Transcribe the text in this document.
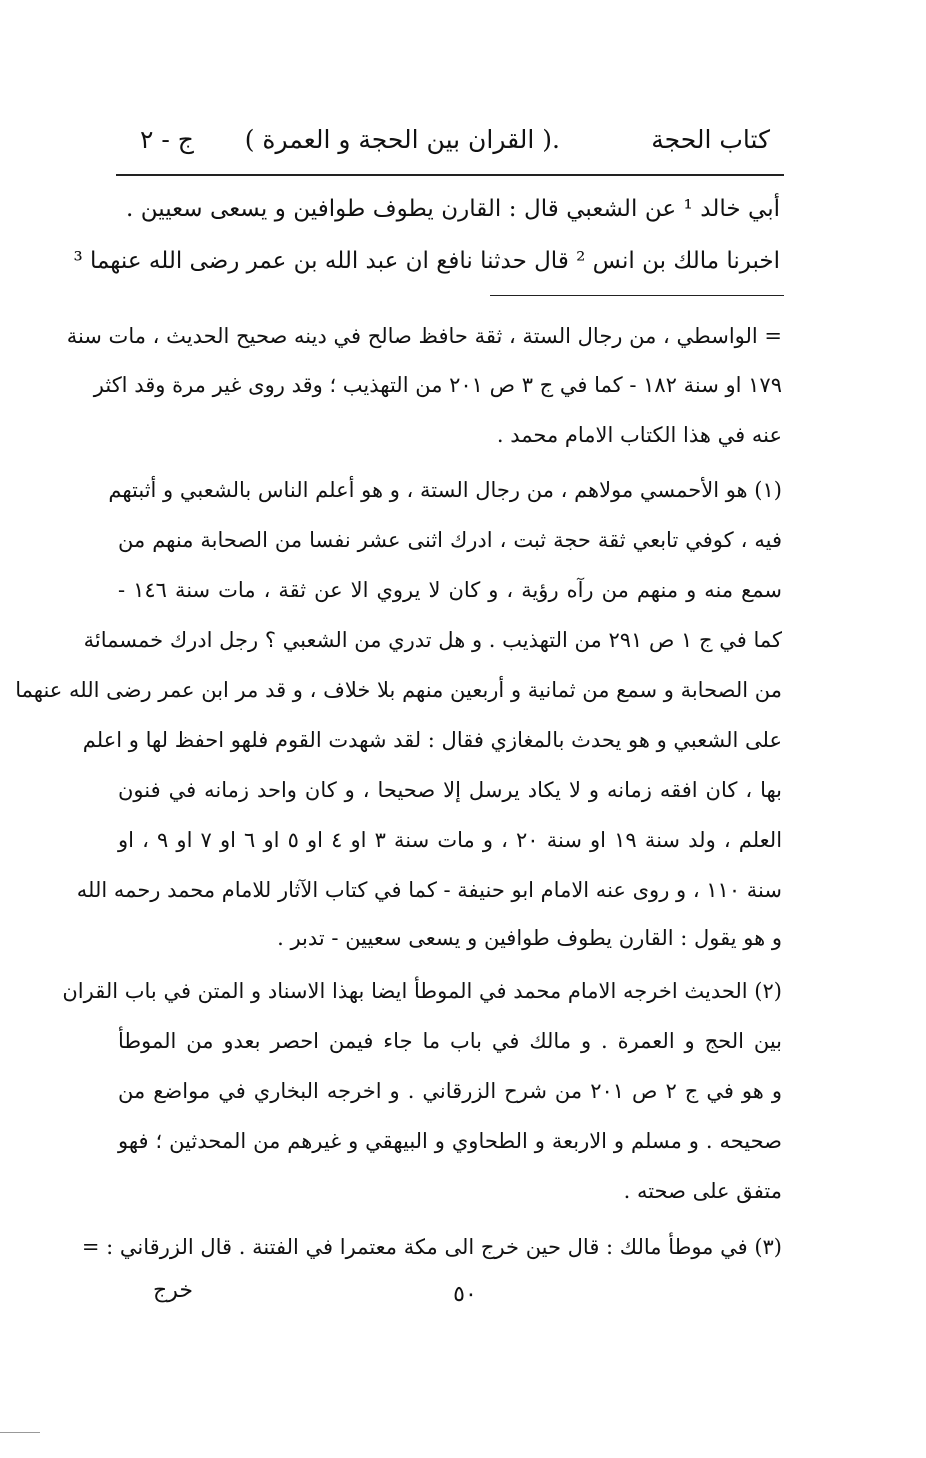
كتاب الحجة
.( القران بين الحجة و العمرة )
ج - ٢
أبي خالد ¹ عن الشعبي قال : القارن يطوف طوافين و يسعى سعيين .
اخبرنا مالك بن انس ² قال حدثنا نافع ان عبد الله بن عمر رضى الله عنهما ³
= الواسطي ، من رجال الستة ، ثقة حافظ صالح في دينه صحيح الحديث ، مات سنة
١٧٩ او سنة ١٨٢ - كما في ج ٣ ص ٢٠١ من التهذيب ؛ وقد روى غير مرة وقد اكثر
عنه في هذا الكتاب الامام محمد .
(١) هو الأحمسي مولاهم ، من رجال الستة ، و هو أعلم الناس بالشعبي و أثبتهم
فيه ، كوفي تابعي ثقة حجة ثبت ، ادرك اثنى عشر نفسا من الصحابة منهم من
سمع منه و منهم من رآه رؤية ، و كان لا يروي الا عن ثقة ، مات سنة ١٤٦ -
كما في ج ١ ص ٢٩١ من التهذيب . و هل تدري من الشعبي ؟ رجل ادرك خمسمائة
من الصحابة و سمع من ثمانية و أربعين منهم بلا خلاف ، و قد مر ابن عمر رضى الله عنهما
على الشعبي و هو يحدث بالمغازي فقال : لقد شهدت القوم فلهو احفظ لها و اعلم
بها ، كان افقه زمانه و لا يكاد يرسل إلا صحيحا ، و كان واحد زمانه في فنون
العلم ، ولد سنة ١٩ او سنة ٢٠ ، و مات سنة ٣ او ٤ او ٥ او ٦ او ٧ او ٩ ، او
سنة ١١٠ ، و روى عنه الامام ابو حنيفة - كما في كتاب الآثار للامام محمد رحمه الله
و هو يقول : القارن يطوف طوافين و يسعى سعيين - تدبر .
(٢) الحديث اخرجه الامام محمد في الموطأ ايضا بهذا الاسناد و المتن في باب القران
بين الحج و العمرة . و مالك في باب ما جاء فيمن احصر بعدو من الموطأ
و هو في ج ٢ ص ٢٠١ من شرح الزرقاني . و اخرجه البخاري في مواضع من
صحيحه . و مسلم و الاربعة و الطحاوي و البيهقي و غيرهم من المحدثين ؛ فهو
متفق على صحته .
(٣) في موطأ مالك : قال حين خرج الى مكة معتمرا في الفتنة . قال الزرقاني : =
٥٠
خرج
